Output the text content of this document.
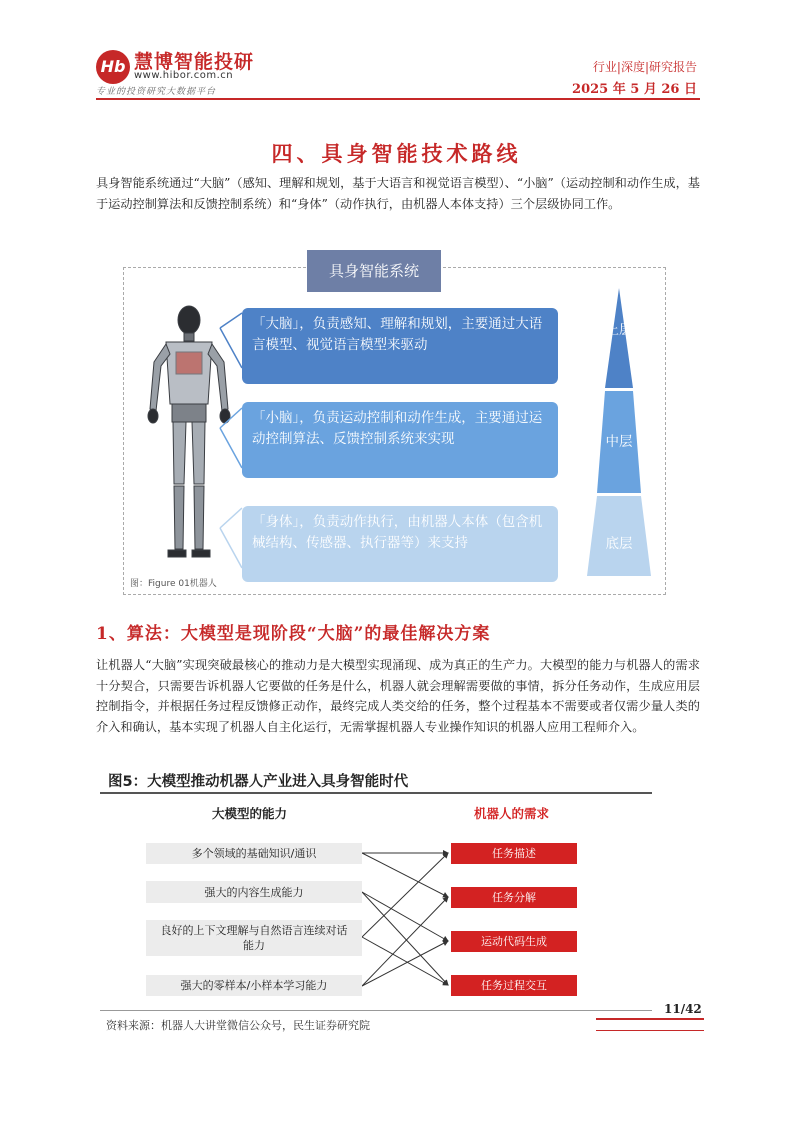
Hb 慧博智能投研
www.hibor.com.cn
专业的投资研究大数据平台
行业|深度|研究报告
2025 年 5 月 26 日
四、具身智能技术路线
具身智能系统通过“大脑”（感知、理解和规划，基于大语言和视觉语言模型）、“小脑”（运动控制和动作生成，基于运动控制算法和反馈控制系统）和“身体”（动作执行，由机器人本体支持）三个层级协同工作。
具身智能系统
「大脑」，负责感知、理解和规划，主要通过大语言模型、视觉语言模型来驱动
「小脑」，负责运动控制和动作生成，主要通过运动控制算法、反馈控制系统来实现
「身体」，负责动作执行，由机器人本体（包含机械结构、传感器、执行器等）来支持
上层
中层
底层
图：Figure 01机器人
1、算法：大模型是现阶段“大脑”的最佳解决方案
让机器人“大脑”实现突破最核心的推动力是大模型实现涌现、成为真正的生产力。大模型的能力与机器人的需求十分契合，只需要告诉机器人它要做的任务是什么，机器人就会理解需要做的事情，拆分任务动作，生成应用层控制指令，并根据任务过程反馈修正动作，最终完成人类交给的任务，整个过程基本不需要或者仅需少量人类的介入和确认，基本实现了机器人自主化运行，无需掌握机器人专业操作知识的机器人应用工程师介入。
图5：大模型推动机器人产业进入具身智能时代
大模型的能力	机器人的需求
多个领域的基础知识/通识
强大的内容生成能力
良好的上下文理解与自然语言连续对话能力
强大的零样本/小样本学习能力
任务描述
任务分解
运动代码生成
任务过程交互
资料来源：机器人大讲堂微信公众号，民生证券研究院
11/42
